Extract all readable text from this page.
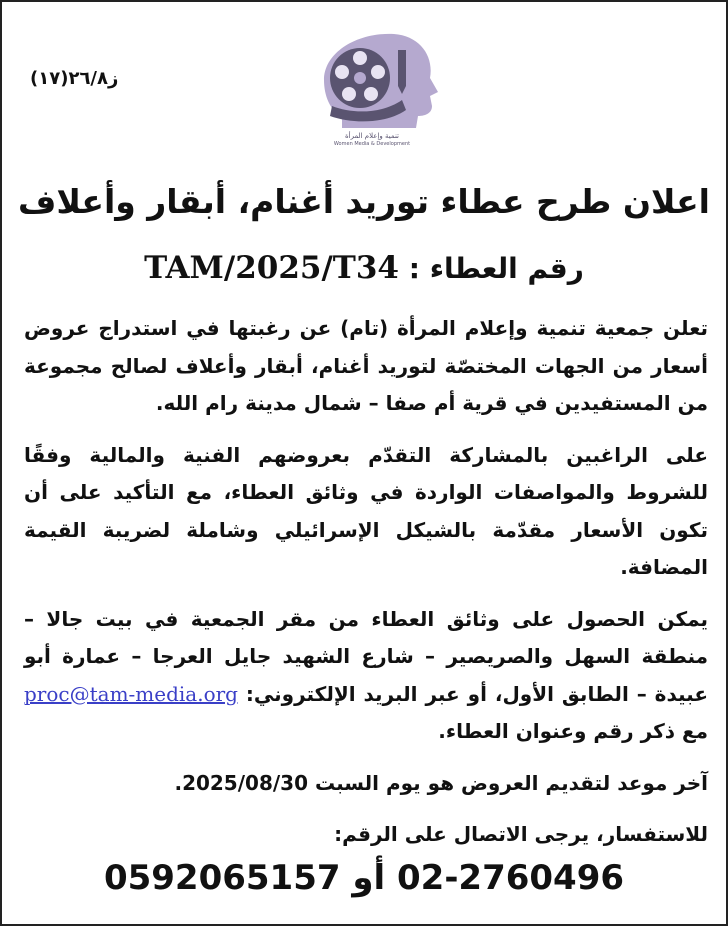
ز٢٦/٨(١٧)
تنمية وإعلام المرأة
Women Media & Development
اعلان طرح عطاء توريد أغنام، أبقار وأعلاف
رقم العطاء : TAM/2025/T34

تعلن جمعية تنمية وإعلام المرأة (تام) عن رغبتها في استدراج عروض أسعار من الجهات المختصّة لتوريد أغنام، أبقار وأعلاف لصالح مجموعة من المستفيدين في قرية أم صفا – شمال مدينة رام الله.

على الراغبين بالمشاركة التقدّم بعروضهم الفنية والمالية وفقًا للشروط والمواصفات الواردة في وثائق العطاء، مع التأكيد على أن تكون الأسعار مقدّمة بالشيكل الإسرائيلي وشاملة لضريبة القيمة المضافة.

يمكن الحصول على وثائق العطاء من مقر الجمعية في بيت جالا – منطقة السهل والصريصير – شارع الشهيد جايل العرجا – عمارة أبو عبيدة – الطابق الأول، أو عبر البريد الإلكتروني: proc@tam-media.org مع ذكر رقم وعنوان العطاء.

آخر موعد لتقديم العروض هو يوم السبت 2025/08/30.

للاستفسار، يرجى الاتصال على الرقم:

02-2760496 أو 0592065157
